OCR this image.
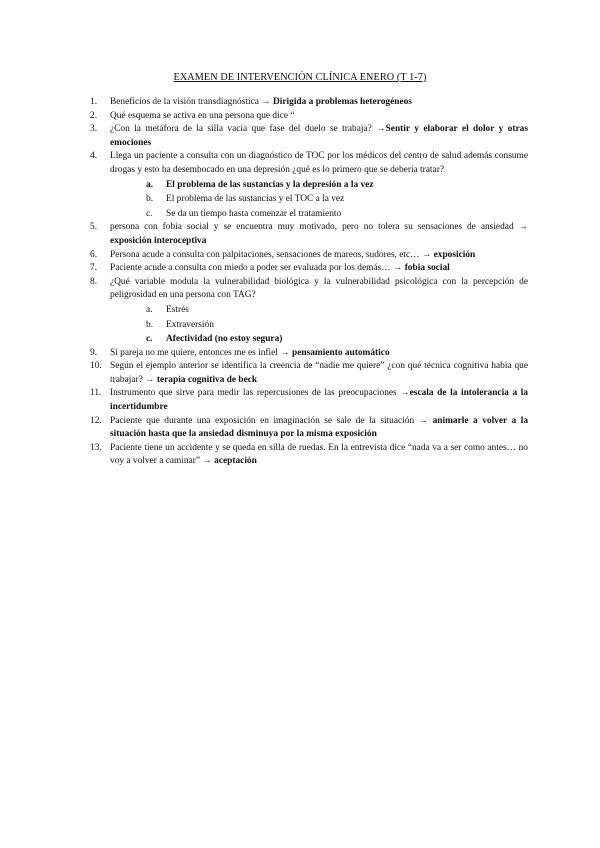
EXAMEN DE INTERVENCIÓN CLÍNICA ENERO (T 1-7)
1. Beneficios de la visión transdiagnóstica → Dirigida a problemas heterogéneos
2. Qué esquema se activa en una persona que dice “
3. ¿Con la metáfora de la silla vacía que fase del duelo se trabaja? →Sentir y elaborar el dolor y otras emociones
4. Llega un paciente a consulta con un diagnóstico de TOC por los médicos del centro de salud además consume drogas y esto ha desembocado en una depresión ¿qué es lo primero que se debería tratar?
a. El problema de las sustancias y la depresión a la vez
b. El problema de las sustancias y el TOC a la vez
c. Se da un tiempo hasta comenzar el tratamiento
5. persona con fobia social y se encuentra muy motivado, pero no tolera su sensaciones de ansiedad → exposición interoceptiva
6. Persona acude a consulta con palpitaciones, sensaciones de mareos, sudores, etc… → exposición
7. Paciente acude a consulta con miedo a poder ser evaluada por los demás… → fobia social
8. ¿Qué variable modula la vulnerabilidad biológica y la vulnerabilidad psicológica con la percepción de peligrosidad en una persona con TAG?
a. Estrés
b. Extraversión
c. Afectividad (no estoy segura)
9. Si pareja no me quiere, entonces me es infiel → pensamiento automático
10. Según el ejemplo anterior se identifica la creencia de “nadie me quiere” ¿con qué técnica cognitiva había que trabajar? → terapia cognitiva de beck
11. Instrumento que sirve para medir las repercusiones de las preocupaciones →escala de la intolerancia a la incertidumbre
12. Paciente que durante una exposición en imaginación se sale de la situación → animarle a volver a la situación hasta que la ansiedad disminuya por la misma exposición
13. Paciente tiene un accidente y se queda en silla de ruedas. En la entrevista dice “nada va a ser como antes… no voy a volver a caminar” → aceptación
